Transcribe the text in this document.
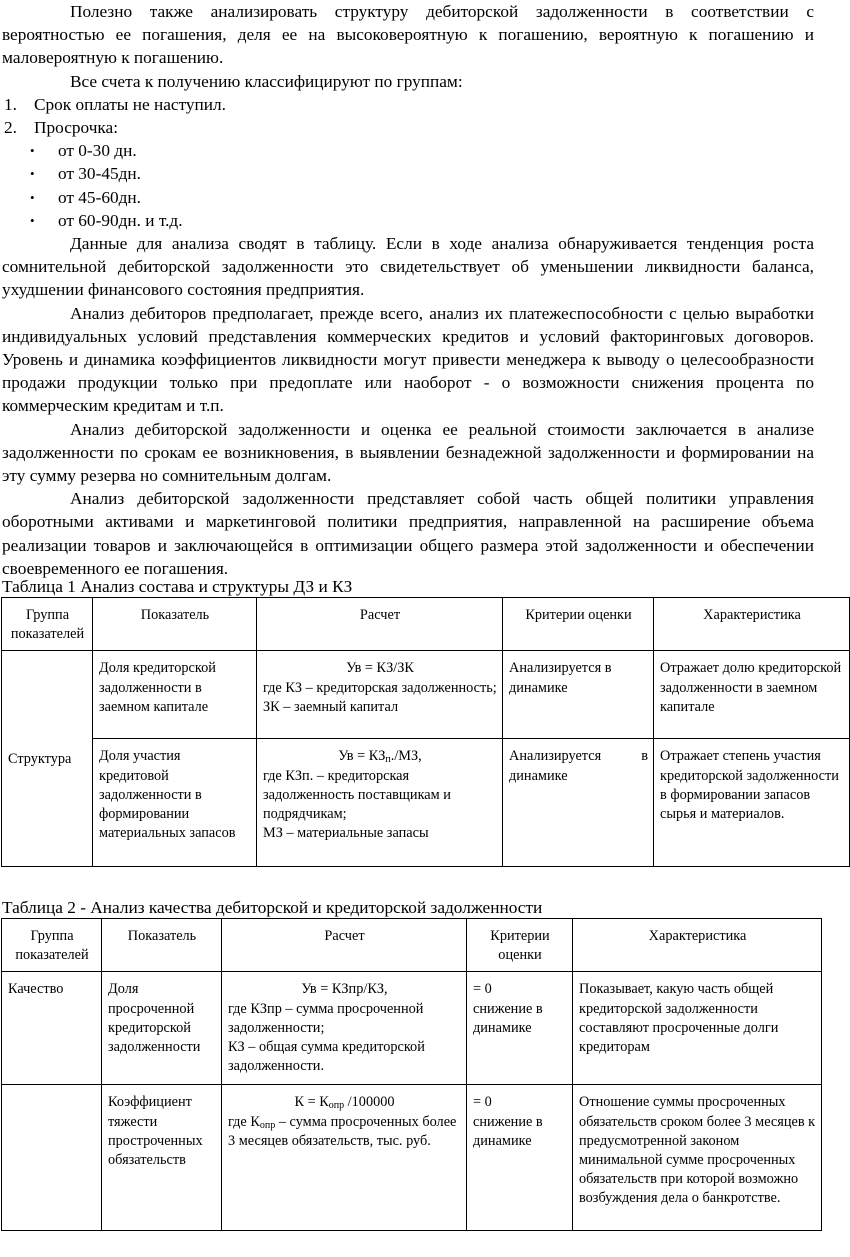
Полезно также анализировать структуру дебиторской задолженности в соответствии с вероятностью ее погашения, деля ее на высоковероятную к погашению, вероятную к погашению и маловероятную к погашению.

Все счета к получению классифицируют по группам:

1. Срок оплаты не наступил.
2. Просрочка:
• от 0-30 дн.
• от 30-45дн.
• от 45-60дн.
• от 60-90дн. и т.д.

Данные для анализа сводят в таблицу. Если в ходе анализа обнаруживается тенденция роста сомнительной дебиторской задолженности это свидетельствует об уменьшении ликвидности баланса, ухудшении финансового состояния предприятия.

Анализ дебиторов предполагает, прежде всего, анализ их платежеспособности с целью выработки индивидуальных условий представления коммерческих кредитов и условий факторинговых договоров. Уровень и динамика коэффициентов ликвидности могут привести менеджера к выводу о целесообразности продажи продукции только при предоплате или наоборот - о возможности снижения процента по коммерческим кредитам и т.п.

Анализ дебиторской задолженности и оценка ее реальной стоимости заключается в анализе задолженности по срокам ее возникновения, в выявлении безнадежной задолженности и формировании на эту сумму резерва но сомнительным долгам.

Анализ дебиторской задолженности представляет собой часть общей политики управления оборотными активами и маркетинговой политики предприятия, направленной на расширение объема реализации товаров и заключающейся в оптимизации общего размера этой задолженности и обеспечении своевременного ее погашения.

Таблица 1 Анализ состава и структуры ДЗ и КЗ
Группа показателей	Показатель	Расчет	Критерии оценки	Характеристика
Структура	Доля кредиторской задолженности в заемном капитале	Ув = КЗ/ЗК
где КЗ – кредиторская задолженность;
ЗК – заемный капитал	Анализируется в
динамике	Отражает долю кредиторской задолженности в заемном капитале
	Доля участия кредитовой задолженности в формировании материальных запасов	Ув = $КЗ_п./МЗ$,
где КЗп. – кредиторская задолженность поставщикам и подрядчикам;
МЗ – материальные запасы	Анализируется в
динамике	Отражает степень участия кредиторской задолженности в формировании запасов сырья и материалов.
Таблица 2 - Анализ качества дебиторской и кредиторской задолженности
Группа показателей	Показатель	Расчет	Критерии оценки	Характеристика
Качество	Доля просроченной кредиторской задолженности	Ув = КЗпр/КЗ,
где КЗпр – сумма просроченной задолженности;
КЗ – общая сумма кредиторской задолженности.	= 0
снижение в динамике	Показывает, какую часть общей кредиторской задолженности составляют просроченные долги кредиторам
	Коэффициент тяжести простроченных обязательств	$К = К_{опр}$ /100000
где $К_{опр}$ – сумма просроченных более 3 месяцев обязательств, тыс. руб.	= 0
снижение в динамике	Отношение суммы просроченных обязательств сроком более 3 месяцев к предусмотренной законом минимальной сумме просроченных обязательств при которой возможно возбуждения дела о банкротстве.
